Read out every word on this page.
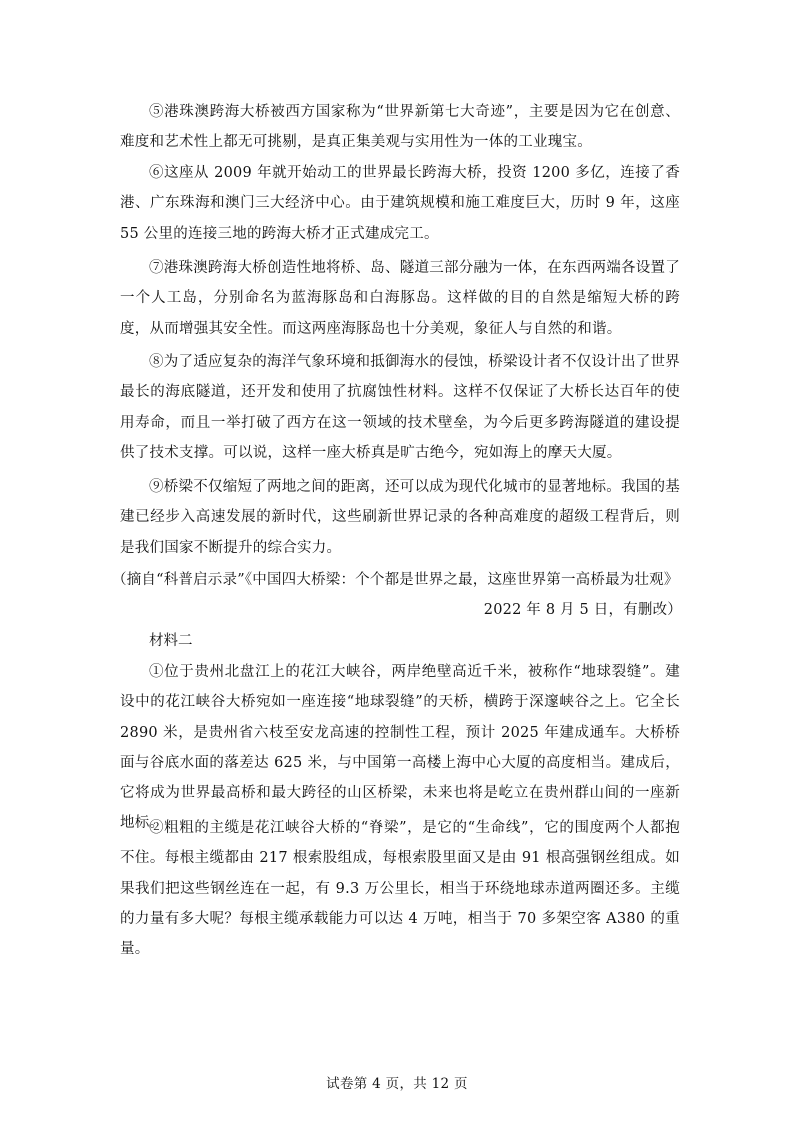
⑤港珠澳跨海大桥被西方国家称为“世界新第七大奇迹”，主要是因为它在创意、难度和艺术性上都无可挑剔，是真正集美观与实用性为一体的工业瑰宝。

⑥这座从 2009 年就开始动工的世界最长跨海大桥，投资 1200 多亿，连接了香港、广东珠海和澳门三大经济中心。由于建筑规模和施工难度巨大，历时 9 年，这座 55 公里的连接三地的跨海大桥才正式建成完工。

⑦港珠澳跨海大桥创造性地将桥、岛、隧道三部分融为一体，在东西两端各设置了一个人工岛，分别命名为蓝海豚岛和白海豚岛。这样做的目的自然是缩短大桥的跨度，从而增强其安全性。而这两座海豚岛也十分美观，象征人与自然的和谐。

⑧为了适应复杂的海洋气象环境和抵御海水的侵蚀，桥梁设计者不仅设计出了世界最长的海底隧道，还开发和使用了抗腐蚀性材料。这样不仅保证了大桥长达百年的使用寿命，而且一举打破了西方在这一领域的技术壁垒，为今后更多跨海隧道的建设提供了技术支撑。可以说，这样一座大桥真是旷古绝今，宛如海上的摩天大厦。

⑨桥梁不仅缩短了两地之间的距离，还可以成为现代化城市的显著地标。我国的基建已经步入高速发展的新时代，这些刷新世界记录的各种高难度的超级工程背后，则是我们国家不断提升的综合实力。

（摘自“科普启示录”《中国四大桥梁：个个都是世界之最，这座世界第一高桥最为壮观》
2022 年 8 月 5 日，有删改）

材料二

①位于贵州北盘江上的花江大峡谷，两岸绝壁高近千米，被称作“地球裂缝”。建设中的花江峡谷大桥宛如一座连接“地球裂缝”的天桥，横跨于深邃峡谷之上。它全长 2890 米，是贵州省六枝至安龙高速的控制性工程，预计 2025 年建成通车。大桥桥面与谷底水面的落差达 625 米，与中国第一高楼上海中心大厦的高度相当。建成后，它将成为世界最高桥和最大跨径的山区桥梁，未来也将是屹立在贵州群山间的一座新地标。

②粗粗的主缆是花江峡谷大桥的“脊梁”，是它的“生命线”，它的围度两个人都抱不住。每根主缆都由 217 根索股组成，每根索股里面又是由 91 根高强钢丝组成。如果我们把这些钢丝连在一起，有 9.3 万公里长，相当于环绕地球赤道两圈还多。主缆的力量有多大呢？每根主缆承载能力可以达 4 万吨，相当于 70 多架空客 A380 的重量。

试卷第 4 页，共 12 页
